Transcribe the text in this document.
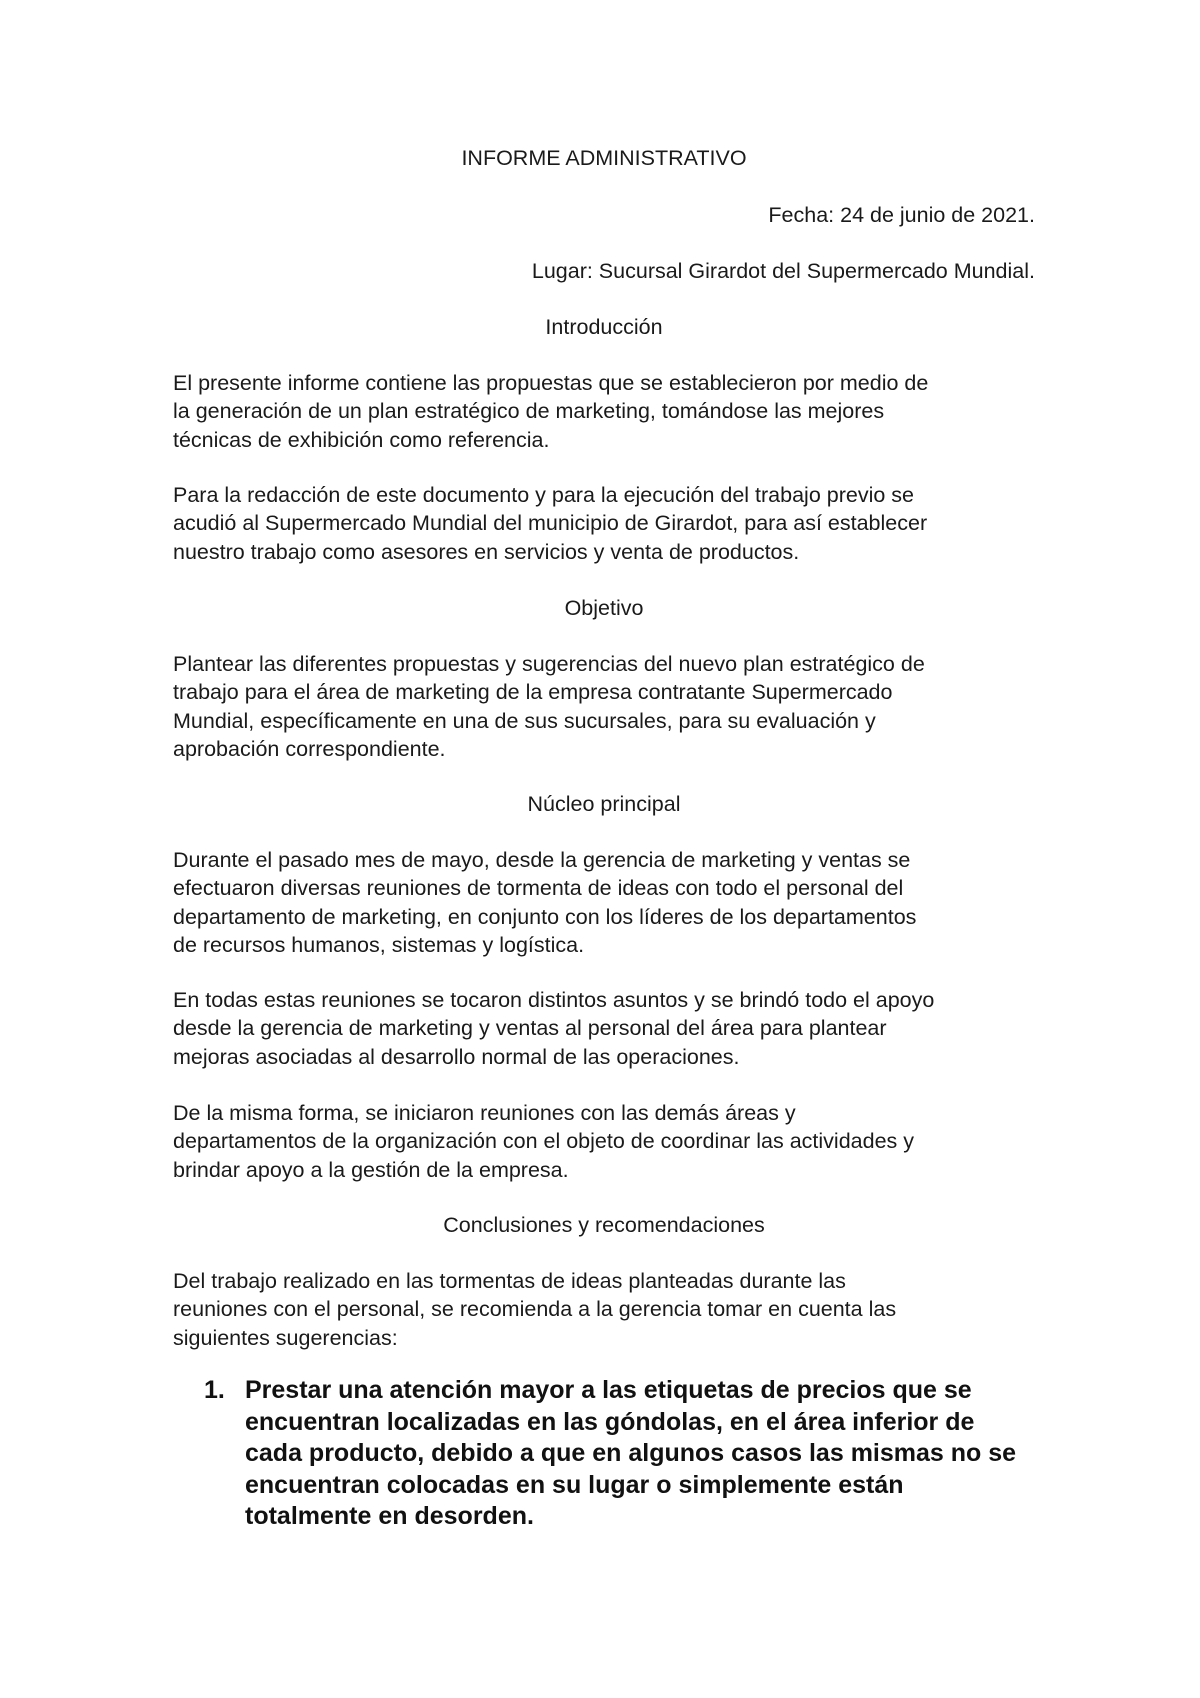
INFORME ADMINISTRATIVO

Fecha: 24 de junio de 2021.

Lugar: Sucursal Girardot del Supermercado Mundial.

Introducción

El presente informe contiene las propuestas que se establecieron por medio de
la generación de un plan estratégico de marketing, tomándose las mejores
técnicas de exhibición como referencia.

Para la redacción de este documento y para la ejecución del trabajo previo se
acudió al Supermercado Mundial del municipio de Girardot, para así establecer
nuestro trabajo como asesores en servicios y venta de productos.

Objetivo

Plantear las diferentes propuestas y sugerencias del nuevo plan estratégico de
trabajo para el área de marketing de la empresa contratante Supermercado
Mundial, específicamente en una de sus sucursales, para su evaluación y
aprobación correspondiente.

Núcleo principal

Durante el pasado mes de mayo, desde la gerencia de marketing y ventas se
efectuaron diversas reuniones de tormenta de ideas con todo el personal del
departamento de marketing, en conjunto con los líderes de los departamentos
de recursos humanos, sistemas y logística.

En todas estas reuniones se tocaron distintos asuntos y se brindó todo el apoyo
desde la gerencia de marketing y ventas al personal del área para plantear
mejoras asociadas al desarrollo normal de las operaciones.

De la misma forma, se iniciaron reuniones con las demás áreas y
departamentos de la organización con el objeto de coordinar las actividades y
brindar apoyo a la gestión de la empresa.

Conclusiones y recomendaciones

Del trabajo realizado en las tormentas de ideas planteadas durante las
reuniones con el personal, se recomienda a la gerencia tomar en cuenta las
siguientes sugerencias:

1. Prestar una atención mayor a las etiquetas de precios que se
encuentran localizadas en las góndolas, en el área inferior de
cada producto, debido a que en algunos casos las mismas no se
encuentran colocadas en su lugar o simplemente están
totalmente en desorden.
